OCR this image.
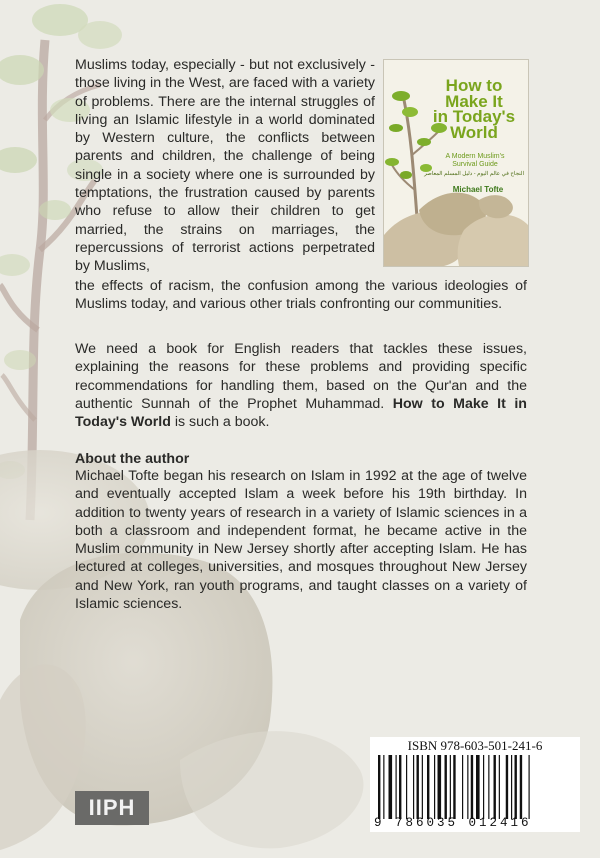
Muslims today, especially - but not exclusively - those living in the West, are faced with a variety of problems. There are the internal struggles of living an Islamic lifestyle in a world dominated by Western culture, the conflicts between parents and children, the challenge of being single in a society where one is surrounded by temptations, the frustration caused by parents who refuse to allow their children to get married, the strains on marriages, the repercussions of terrorist actions perpetrated by Muslims,

the effects of racism, the confusion among the various ideologies of Muslims today, and various other trials confronting our communities.

We need a book for English readers that tackles these issues, explaining the reasons for these problems and providing specific recommendations for handling them, based on the Qur'an and the authentic Sunnah of the Prophet Muhammad. How to Make It in Today's World is such a book.

About the author

Michael Tofte began his research on Islam in 1992 at the age of twelve and eventually accepted Islam a week before his 19th birthday. In addition to twenty years of research in a variety of Islamic sciences in a both a classroom and independent format, he became active in the Muslim community in New Jersey shortly after accepting Islam. He has lectured at colleges, universities, and mosques throughout New Jersey and New York, ran youth programs, and taught classes on a variety of Islamic sciences.

How to
Make It
in Today's
World
A Modern Muslim's Survival Guide
النجاح في عالم اليوم - دليل المسلم المعاصر
Michael Tofte
ISBN 978-603-501-241-6
9 786035 012416
IIPH
